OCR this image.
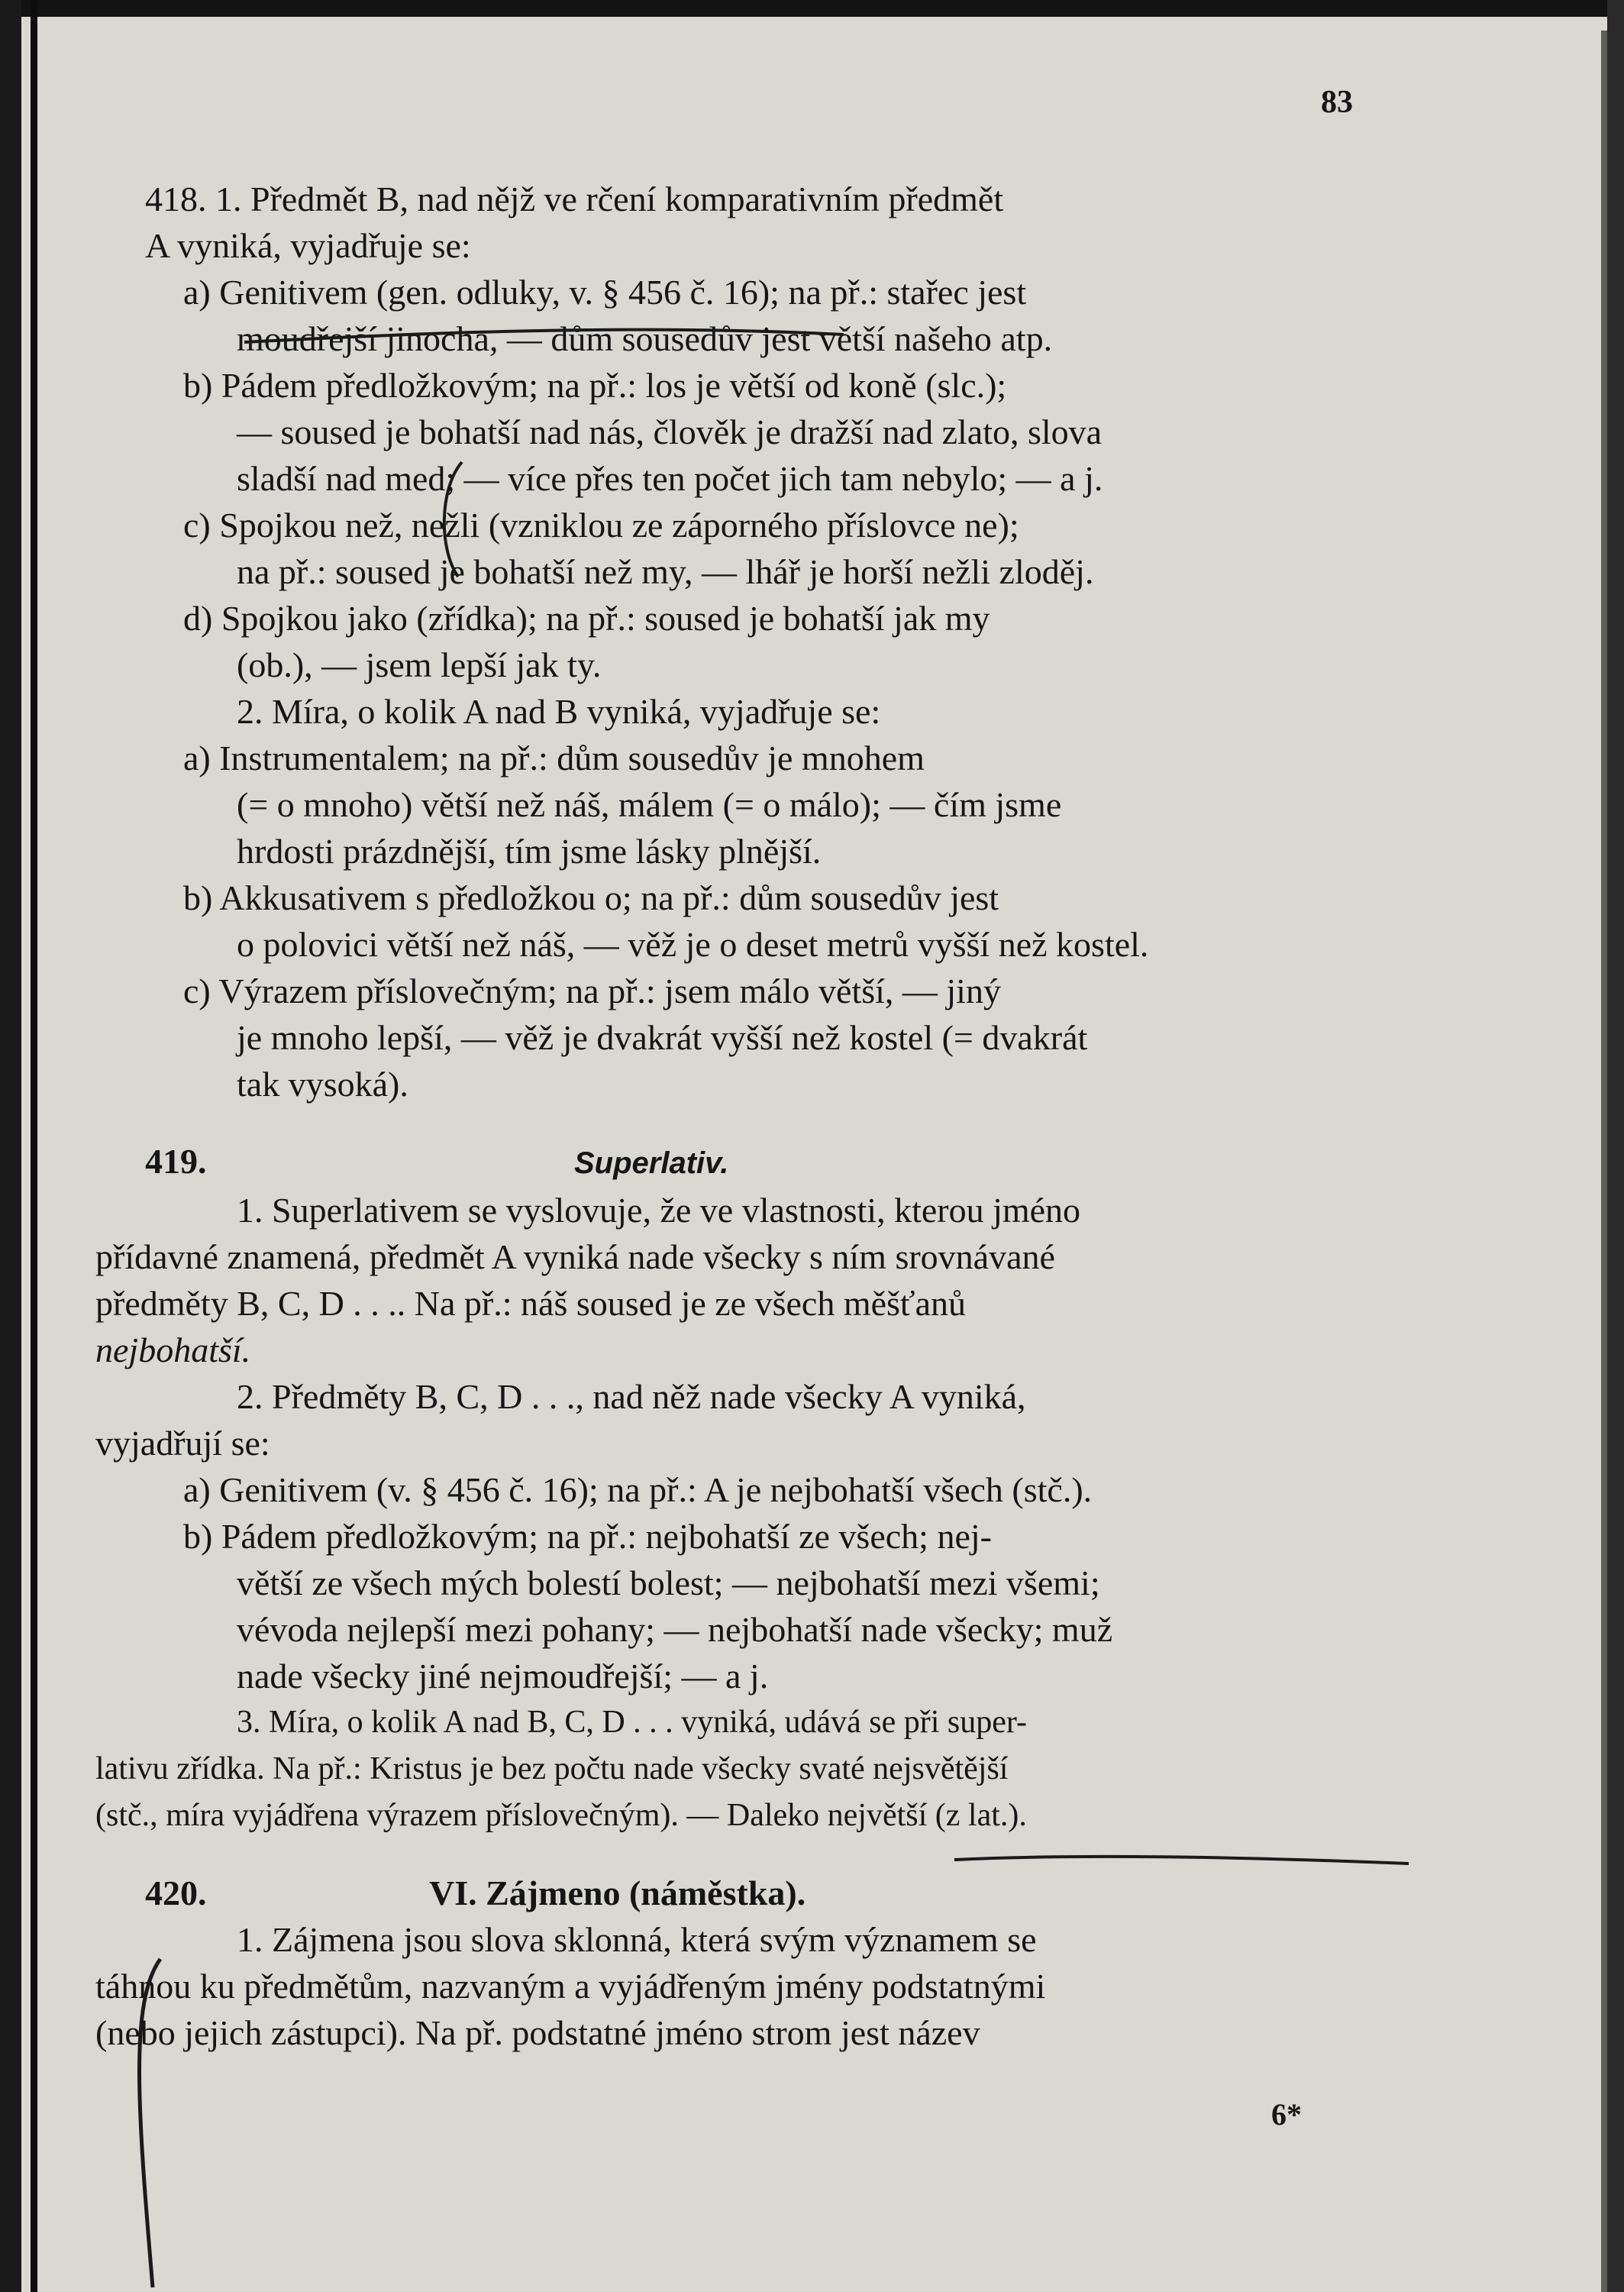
83
418. 1. Předmět B, nad nějž ve rčení komparativním předmět
A vyniká, vyjadřuje se:
a) Genitivem (gen. odluky, v. § 456 č. 16); na př.: stařec jest
moudřejší jinocha, — dům sousedův jest větší našeho atp.
b) Pádem předložkovým; na př.: los je větší od koně (slc.);
— soused je bohatší nad nás, člověk je dražší nad zlato, slova
sladší nad med; — více přes ten počet jich tam nebylo; — a j.
c) Spojkou než, nežli (vzniklou ze záporného příslovce ne);
na př.: soused je bohatší než my, — lhář je horší nežli zloděj.
d) Spojkou jako (zřídka); na př.: soused je bohatší jak my
(ob.), — jsem lepší jak ty.
2. Míra, o kolik A nad B vyniká, vyjadřuje se:
a) Instrumentalem; na př.: dům sousedův je mnohem
(= o mnoho) větší než náš, málem (= o málo); — čím jsme
hrdosti prázdnější, tím jsme lásky plnější.
b) Akkusativem s předložkou o; na př.: dům sousedův jest
o polovici větší než náš, — věž je o deset metrů vyšší než kostel.
c) Výrazem příslovečným; na př.: jsem málo větší, — jiný
je mnoho lepší, — věž je dvakrát vyšší než kostel (= dvakrát
tak vysoká).
419.	Superlativ.
1. Superlativem se vyslovuje, že ve vlastnosti, kterou jméno
přídavné znamená, předmět A vyniká nade všecky s ním srovnávané
předměty B, C, D . . .. Na př.: náš soused je ze všech měšťanů
nejbohatší.
2. Předměty B, C, D . . ., nad něž nade všecky A vyniká,
vyjadřují se:
a) Genitivem (v. § 456 č. 16); na př.: A je nejbohatší všech (stč.).
b) Pádem předložkovým; na př.: nejbohatší ze všech; nej-
větší ze všech mých bolestí bolest; — nejbohatší mezi všemi;
vévoda nejlepší mezi pohany; — nejbohatší nade všecky; muž
nade všecky jiné nejmoudřejší; — a j.
3. Míra, o kolik A nad B, C, D . . . vyniká, udává se při super-
lativu zřídka. Na př.: Kristus je bez počtu nade všecky svaté nejsvětější
(stč., míra vyjádřena výrazem příslovečným). — Daleko největší (z lat.).
420.	VI. Zájmeno (náměstka).
1. Zájmena jsou slova sklonná, která svým významem se
táhnou ku předmětům, nazvaným a vyjádřeným jmény podstatnými
(nebo jejich zástupci). Na př. podstatné jméno strom jest název
6*
